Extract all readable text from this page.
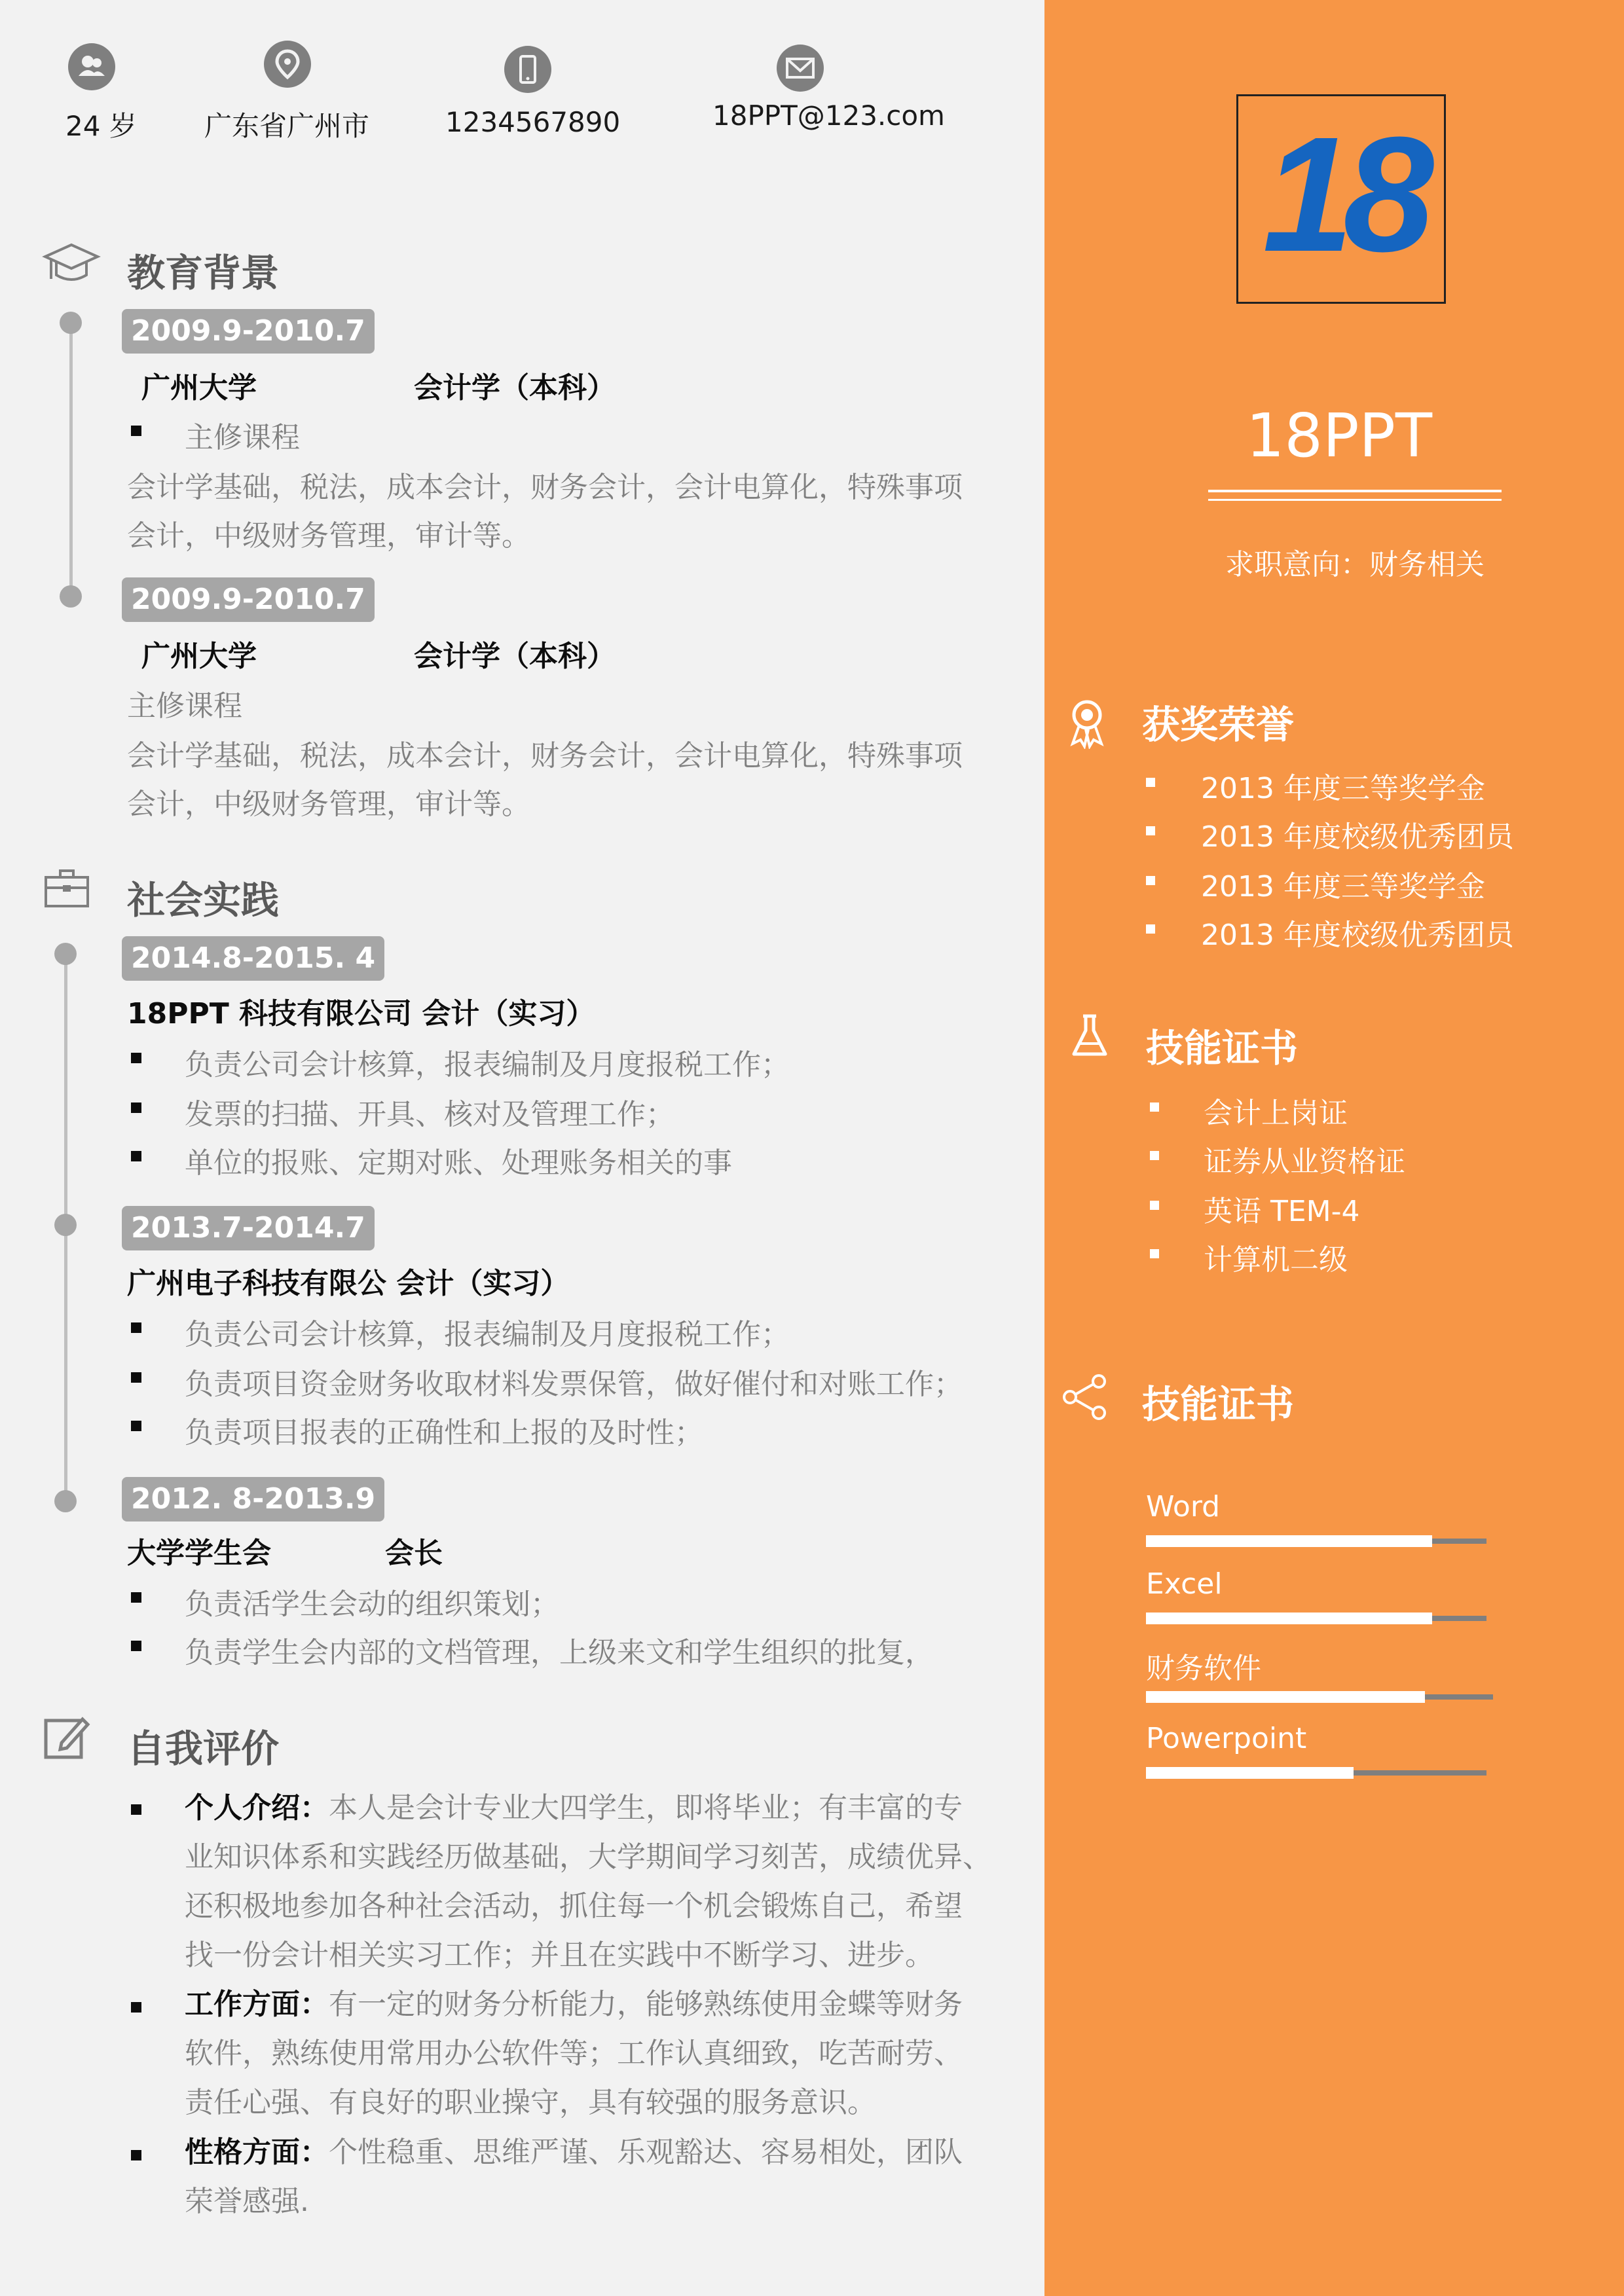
24 岁 广东省广州市	1234567890	18PPT@123.com
教育背景
2009.9-2010.7
广州大学	会计学（本科）
主修课程
会计学基础，税法，成本会计，财务会计，会计电算化，特殊事项
会计，中级财务管理，审计等。
2009.9-2010.7
广州大学	会计学（本科）
主修课程
会计学基础，税法，成本会计，财务会计，会计电算化，特殊事项
会计，中级财务管理，审计等。
社会实践
2014.8-2015. 4
18PPT 科技有限公司 会计（实习）
负责公司会计核算，报表编制及月度报税工作；
发票的扫描、开具、核对及管理工作；
单位的报账、定期对账、处理账务相关的事
2013.7-2014.7
广州电子科技有限公 会计（实习）
负责公司会计核算，报表编制及月度报税工作；
负责项目资金财务收取材料发票保管，做好催付和对账工作；
负责项目报表的正确性和上报的及时性；
2012. 8-2013.9
大学学生会	会长
负责活学生会动的组织策划；
负责学生会内部的文档管理，上级来文和学生组织的批复，
自我评价
个人介绍：本人是会计专业大四学生，即将毕业；有丰富的专
业知识体系和实践经历做基础，大学期间学习刻苦，成绩优异、
还积极地参加各种社会活动，抓住每一个机会锻炼自己，希望
找一份会计相关实习工作；并且在实践中不断学习、进步。
工作方面：有一定的财务分析能力，能够熟练使用金蝶等财务
软件，熟练使用常用办公软件等；工作认真细致，吃苦耐劳、
责任心强、有良好的职业操守，具有较强的服务意识。
性格方面：个性稳重、思维严谨、乐观豁达、容易相处，团队
荣誉感强.
18
18PPT
求职意向：财务相关
获奖荣誉
2013 年度三等奖学金
2013 年度校级优秀团员
2013 年度三等奖学金
2013 年度校级优秀团员
技能证书
会计上岗证
证券从业资格证
英语 TEM-4
计算机二级
技能证书
Word
Excel
财务软件
Powerpoint
